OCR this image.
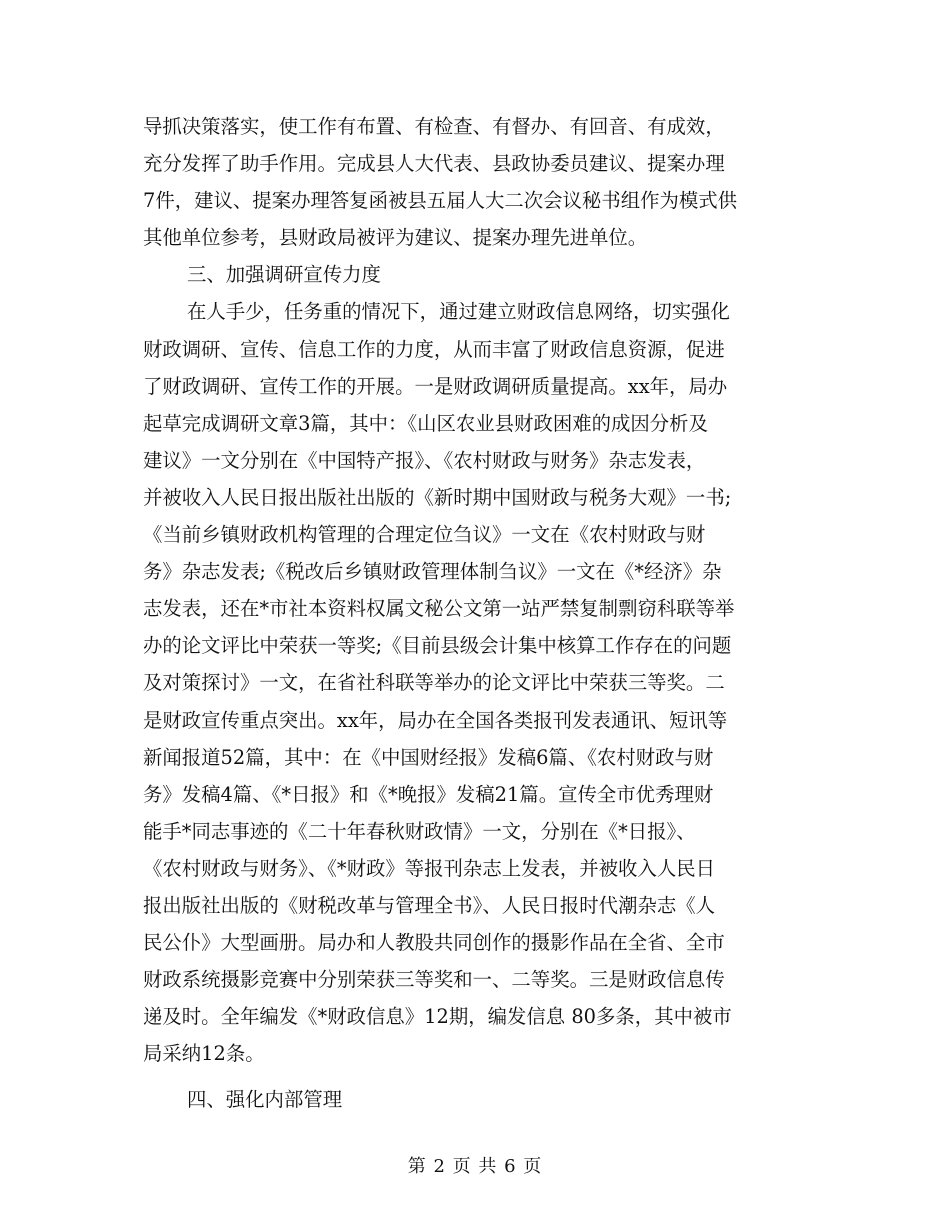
导抓决策落实，使工作有布置、有检查、有督办、有回音、有成效，
充分发挥了助手作用。完成县人大代表、县政协委员建议、提案办理
7件，建议、提案办理答复函被县五届人大二次会议秘书组作为模式供
其他单位参考，县财政局被评为建议、提案办理先进单位。
三、加强调研宣传力度
在人手少，任务重的情况下，通过建立财政信息网络，切实强化
财政调研、宣传、信息工作的力度，从而丰富了财政信息资源，促进
了财政调研、宣传工作的开展。一是财政调研质量提高。xx年，局办
起草完成调研文章3篇，其中：《山区农业县财政困难的成因分析及
建议》一文分别在《中国特产报》、《农村财政与财务》杂志发表，
并被收入人民日报出版社出版的《新时期中国财政与税务大观》一书;
《当前乡镇财政机构管理的合理定位刍议》一文在《农村财政与财
务》杂志发表;《税改后乡镇财政管理体制刍议》一文在《*经济》杂
志发表，还在*市社本资料权属文秘公文第一站严禁复制剽窃科联等举
办的论文评比中荣获一等奖;《目前县级会计集中核算工作存在的问题
及对策探讨》一文，在省社科联等举办的论文评比中荣获三等奖。二
是财政宣传重点突出。xx年，局办在全国各类报刊发表通讯、短讯等
新闻报道52篇，其中：在《中国财经报》发稿6篇、《农村财政与财
务》发稿4篇、《*日报》和《*晚报》发稿21篇。宣传全市优秀理财
能手*同志事迹的《二十年春秋财政情》一文，分别在《*日报》、
《农村财政与财务》、《*财政》等报刊杂志上发表，并被收入人民日
报出版社出版的《财税改革与管理全书》、人民日报时代潮杂志《人
民公仆》大型画册。局办和人教股共同创作的摄影作品在全省、全市
财政系统摄影竞赛中分别荣获三等奖和一、二等奖。三是财政信息传
递及时。全年编发《*财政信息》12期，编发信息 80多条，其中被市
局采纳12条。
四、强化内部管理
第 2 页 共 6 页
